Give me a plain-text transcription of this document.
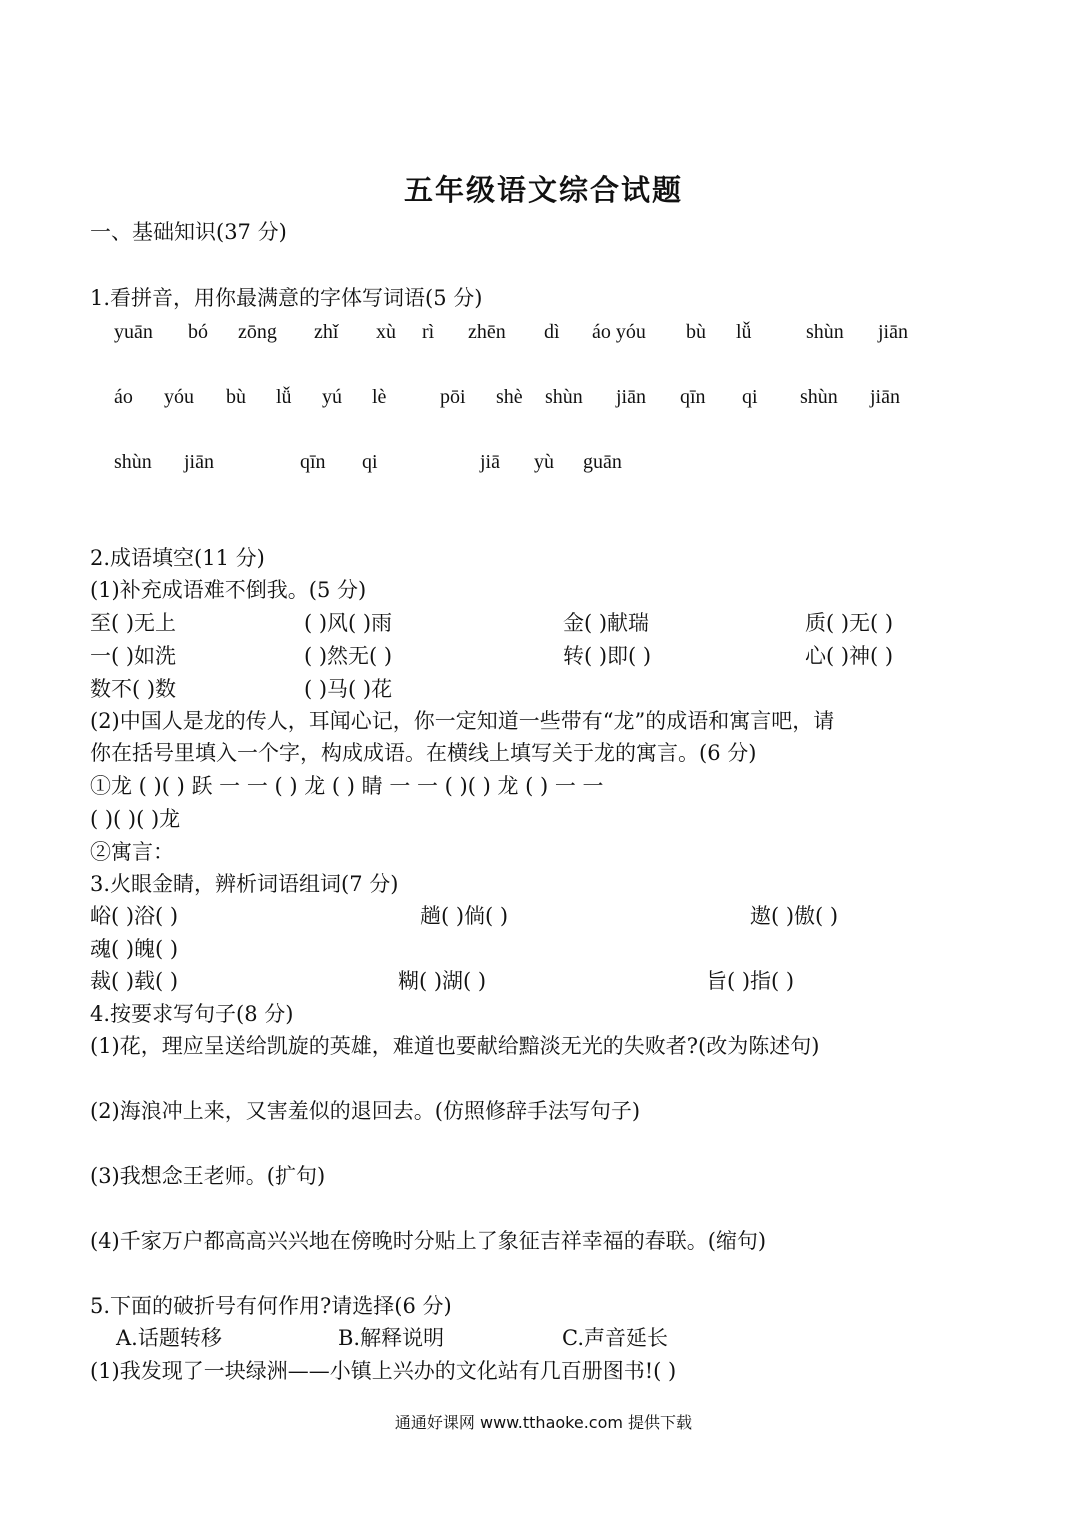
五年级语文综合试题
一、基础知识(37 分)
1.看拼音，用你最满意的字体写词语(5 分)
yuān bó zōng zhǐ xù rì zhēn dì áo yóu bù lǚ	shùn jiān
áo yóu bù lǚ yú lè	pōi shè shùn jiān qīn qi shùn jiān
shùn jiān	qīn qi	jiā yù guān
2.成语填空(11 分)
(1)补充成语难不倒我。(5 分)
至( )无上	( )风( )雨	金( )献瑞	质( )无( )
一( )如洗	( )然无( )	转( )即( )	心( )神( )
数不( )数	( )马( )花
(2)中国人是龙的传人，耳闻心记，你一定知道一些带有“龙”的成语和寓言吧，请
你在括号里填入一个字，构成成语。在横线上填写关于龙的寓言。(6 分)
①龙 ( )( ) 跃 一 一 ( ) 龙 ( ) 睛 一 一 ( )( ) 龙 ( ) 一 一
( )( )( )龙
②寓言：
3.火眼金睛，辨析词语组词(7 分)
峪( )浴( )	趟( )倘( )	遨( )傲( )
魂( )魄( )
裁( )载( )	糊( )湖( )	旨( )指( )
4.按要求写句子(8 分)
(1)花，理应呈送给凯旋的英雄，难道也要献给黯淡无光的失败者?(改为陈述句)
(2)海浪冲上来，又害羞似的退回去。(仿照修辞手法写句子)
(3)我想念王老师。(扩句)
(4)千家万户都高高兴兴地在傍晚时分贴上了象征吉祥幸福的春联。(缩句)
5.下面的破折号有何作用?请选择(6 分)
A.话题转移	B.解释说明	C.声音延长
(1)我发现了一块绿洲——小镇上兴办的文化站有几百册图书!( )
通通好课网 www.tthaoke.com 提供下载
